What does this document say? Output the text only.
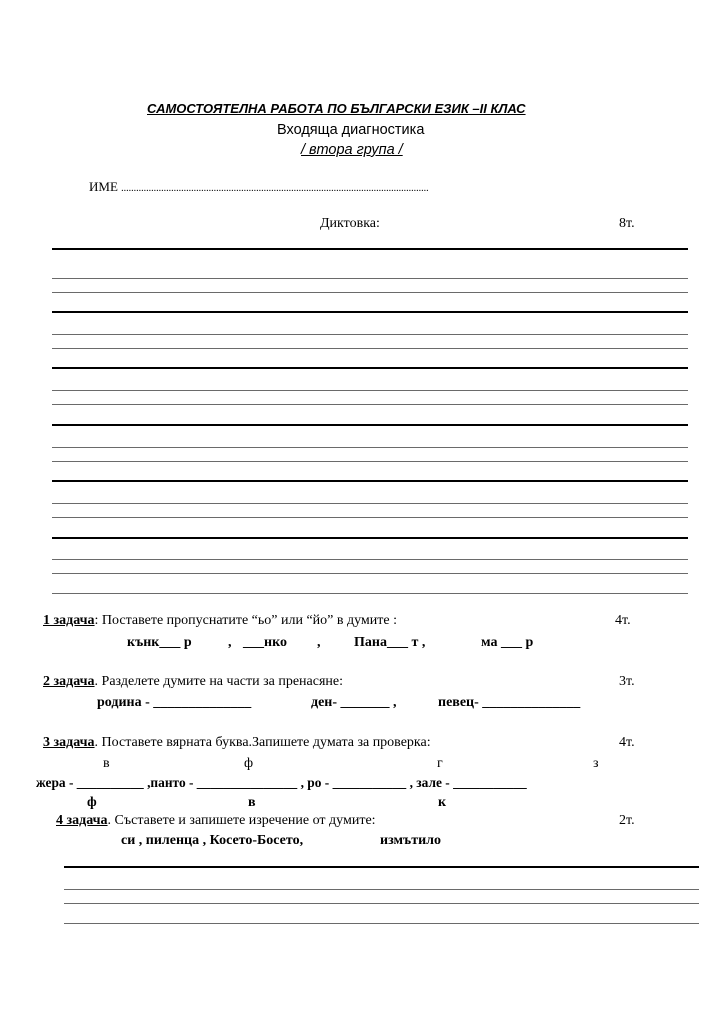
САМОСТОЯТЕЛНА РАБОТА ПО БЪЛГАРСКИ ЕЗИК –II КЛАС
Входяща диагностика
/ втора група /
ИМЕ ...........................................................................................................................
Диктовка:	8т.
1 задача: Поставете пропуснатите “ьо” или “йо” в думите :	4т.
кънк___ р	, ___нко , Пана___ т ,	ма ___ р
2 задача. Разделете думите на части за пренасяне:	3т.
родина - ______________	ден- _______ ,	певец- ______________
3 задача. Поставете вярната буква.Запишете думата за проверка:	4т.
в	ф	г	з
жера - __________ ,панто - _______________ , ро - ___________ , зале - ___________
ф	в	к
4 задача. Съставете и запишете изречение от думите:	2т.
си , пиленца , Косето-Босето,	измътило
